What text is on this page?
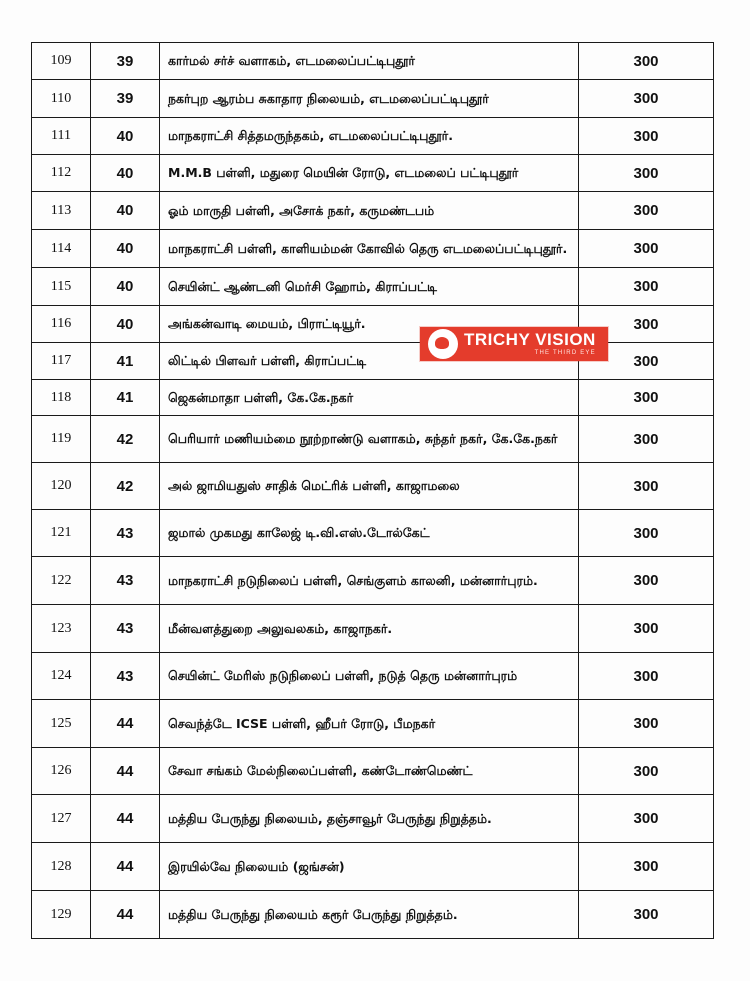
109	39	கார்மல் சர்ச் வளாகம், எடமலைப்பட்டிபுதூர்	300
110	39	நகர்புற ஆரம்ப சுகாதார நிலையம், எடமலைப்பட்டிபுதூர்	300
111	40	மாநகராட்சி சித்தமருந்தகம், எடமலைப்பட்டிபுதூர்.	300
112	40	M.M.B பள்ளி, மதுரை மெயின் ரோடு, எடமலைப் பட்டிபுதூர்	300
113	40	ஓம் மாருதி பள்ளி, அசோக் நகர், கருமண்டபம்	300
114	40	மாநகராட்சி பள்ளி, காளியம்மன் கோவில் தெரு எடமலைப்பட்டிபுதூர்.	300
115	40	செயின்ட் ஆண்டனி மெர்சி ஹோம், கிராப்பட்டி	300
116	40	அங்கன்வாடி மையம், பிராட்டியூர்.	300
117	41	லிட்டில் பிளவர் பள்ளி, கிராப்பட்டி	300
118	41	ஜெகன்மாதா பள்ளி, கே.கே.நகர்	300
119	42	பெரியார் மணியம்மை நூற்றாண்டு வளாகம், சுந்தர் நகர், கே.கே.நகர்	300
120	42	அல் ஜாமியதுஸ் சாதிக் மெட்ரிக் பள்ளி, காஜாமலை	300
121	43	ஜமால் முகமது காலேஜ் டி.வி.எஸ்.டோல்கேட்	300
122	43	மாநகராட்சி நடுநிலைப் பள்ளி, செங்குளம் காலனி, மன்னார்புரம்.	300
123	43	மீன்வளத்துறை அலுவலகம், காஜாநகர்.	300
124	43	செயின்ட் மேரிஸ் நடுநிலைப் பள்ளி, நடுத் தெரு மன்னார்புரம்	300
125	44	செவந்த்டே ICSE பள்ளி, ஹீபர் ரோடு, பீமநகர்	300
126	44	சேவா சங்கம் மேல்நிலைப்பள்ளி, கண்டோண்மெண்ட்	300
127	44	மத்திய பேருந்து நிலையம், தஞ்சாவூர் பேருந்து நிறுத்தம்.	300
128	44	இரயில்வே நிலையம் (ஜங்சன்)	300
129	44	மத்திய பேருந்து நிலையம் கரூர் பேருந்து நிறுத்தம்.	300
TRICHY VISION
THE THIRD EYE
